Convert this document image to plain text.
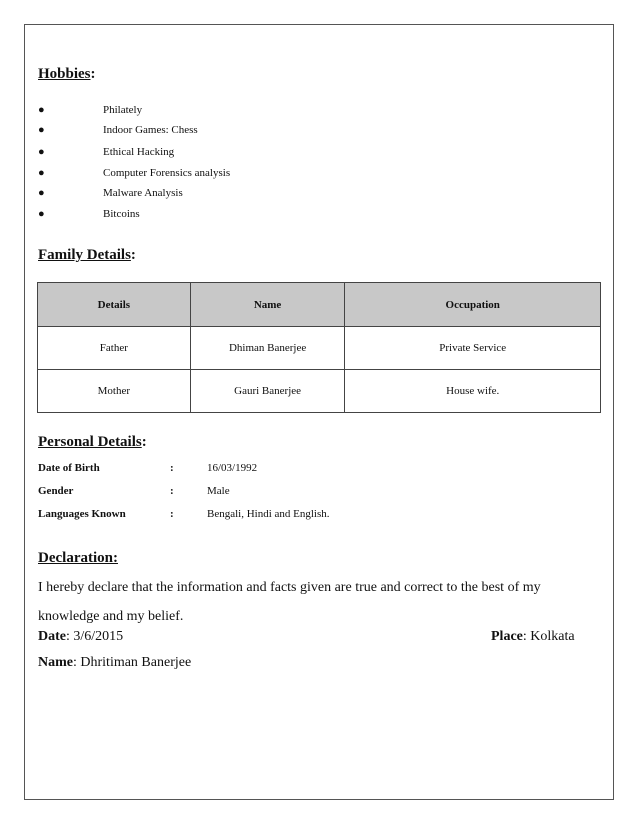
Hobbies:
●	Philately
●	Indoor Games: Chess
●	Ethical Hacking
●	Computer Forensics analysis
●	Malware Analysis
●	Bitcoins
Family Details:
Details	Name	Occupation
Father	Dhiman Banerjee	Private Service
Mother	Gauri Banerjee	House wife.
Personal Details:
Date of Birth	:	16/03/1992
Gender	:	Male
Languages Known	:	Bengali, Hindi and English.
Declaration:
I hereby declare that the information and facts given are true and correct to the best of my knowledge and my belief.
Date: 3/6/2015	Place: Kolkata
Name: Dhritiman Banerjee
